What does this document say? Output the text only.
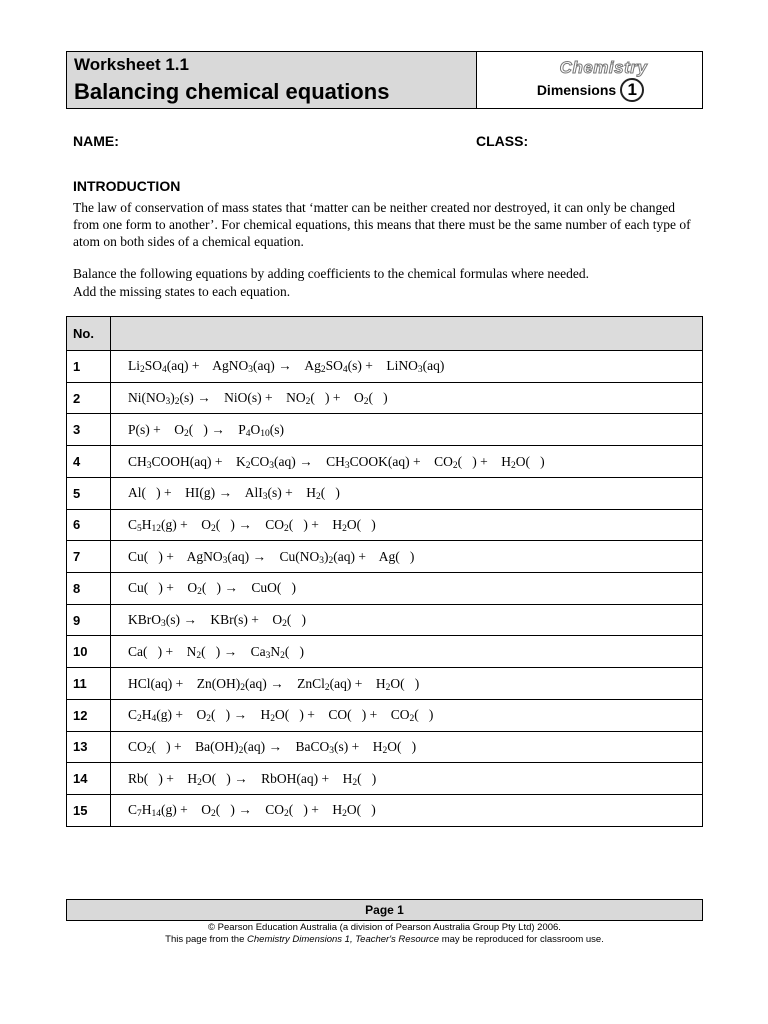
Worksheet 1.1
Balancing chemical equations
Chemistry
Dimensions 1
NAME:	CLASS:
INTRODUCTION
The law of conservation of mass states that ‘matter can be neither created nor destroyed, it can only be changed from one form to another’. For chemical equations, this means that there must be the same number of each type of atom on both sides of a chemical equation.
Balance the following equations by adding coefficients to the chemical formulas where needed.
Add the missing states to each equation.
No.	
1	$Li_2SO_4(aq)$ +    AgNO$_3$(aq) →    $Ag_2SO_4(s)$ +    LiNO$_3$(aq)
2	$Ni(NO_3)_2(s)$ →    NiO(s) +    $NO_2$(   ) +    $O_2$(   )
3	P(s) +    $O_2$(   ) →    $P_4O_{10}(s)$
4	$CH_3COOH(aq)$ +    $K_2CO_3(aq)$ →    $CH_3COOK(aq)$ +    $CO_2$(   ) +    $H_2O$(   )
5	Al(   ) +    HI(g) →    AlI$_3$(s) +    $H_2$(   )
6	$C_5H_{12}(g)$ +    $O_2$(   ) →    $CO_2$(   ) +    $H_2O$(   )
7	Cu(   ) +    AgNO$_3$(aq) →    $Cu(NO_3)_2(aq)$ +    Ag(   )
8	Cu(   ) +    $O_2$(   ) →    CuO(   )
9	KBrO$_3$(s) →    KBr(s) +    $O_2$(   )
10	Ca(   ) +    $N_2$(   ) →    $Ca_3N_2$(   )
11	HCl(aq) +    $Zn(OH)_2(aq)$ →    ZnCl$_2$(aq) +    $H_2O$(   )
12	$C_2H_4(g)$ +    $O_2$(   ) →    $H_2O$(   ) +    CO(   ) +    $CO_2$(   )
13	$CO_2$(   ) +    $Ba(OH)_2(aq)$ →    BaCO$_3$(s) +    $H_2O$(   )
14	Rb(   ) +    $H_2O$(   ) →    RbOH(aq) +    $H_2$(   )
15	$C_7H_{14}(g)$ +    $O_2$(   ) →    $CO_2$(   ) +    $H_2O$(   )
Page 1
© Pearson Education Australia (a division of Pearson Australia Group Pty Ltd) 2006.
This page from the Chemistry Dimensions 1, Teacher's Resource may be reproduced for classroom use.
